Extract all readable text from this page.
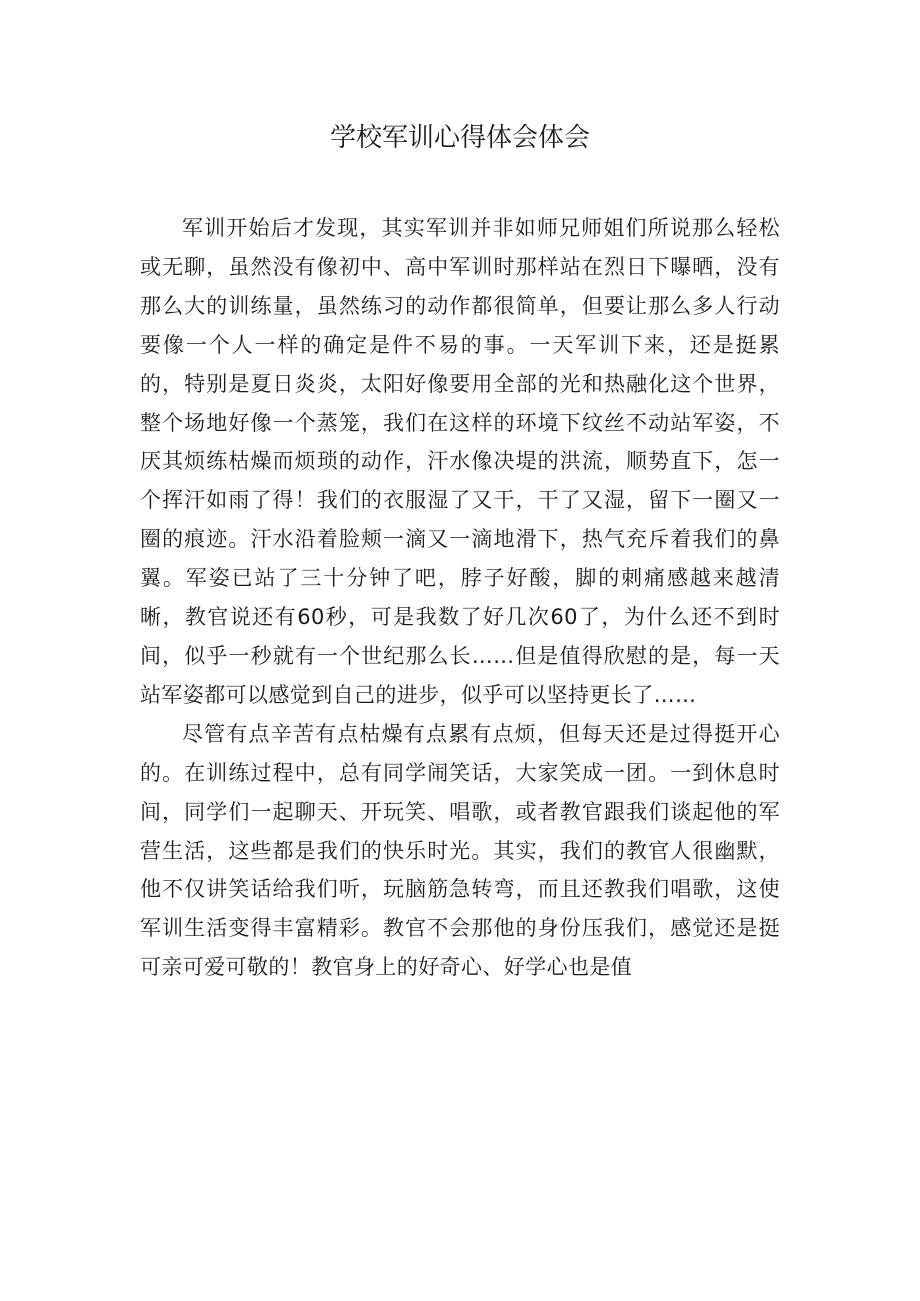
学校军训心得体会体会

军训开始后才发现，其实军训并非如师兄师姐们所说那么轻松或无聊，虽然没有像初中、高中军训时那样站在烈日下曝晒，没有那么大的训练量，虽然练习的动作都很简单，但要让那么多人行动要像一个人一样的确定是件不易的事。一天军训下来，还是挺累的，特别是夏日炎炎，太阳好像要用全部的光和热融化这个世界，整个场地好像一个蒸笼，我们在这样的环境下纹丝不动站军姿，不厌其烦练枯燥而烦琐的动作，汗水像决堤的洪流，顺势直下，怎一个挥汗如雨了得！我们的衣服湿了又干，干了又湿，留下一圈又一圈的痕迹。汗水沿着脸颊一滴又一滴地滑下，热气充斥着我们的鼻翼。军姿已站了三十分钟了吧，脖子好酸，脚的刺痛感越来越清晰，教官说还有60秒，可是我数了好几次60了，为什么还不到时间，似乎一秒就有一个世纪那么长……但是值得欣慰的是，每一天站军姿都可以感觉到自己的进步，似乎可以坚持更长了……

尽管有点辛苦有点枯燥有点累有点烦，但每天还是过得挺开心的。在训练过程中，总有同学闹笑话，大家笑成一团。一到休息时间，同学们一起聊天、开玩笑、唱歌，或者教官跟我们谈起他的军营生活，这些都是我们的快乐时光。其实，我们的教官人很幽默，他不仅讲笑话给我们听，玩脑筋急转弯，而且还教我们唱歌，这使军训生活变得丰富精彩。教官不会那他的身份压我们，感觉还是挺可亲可爱可敬的！教官身上的好奇心、好学心也是值
